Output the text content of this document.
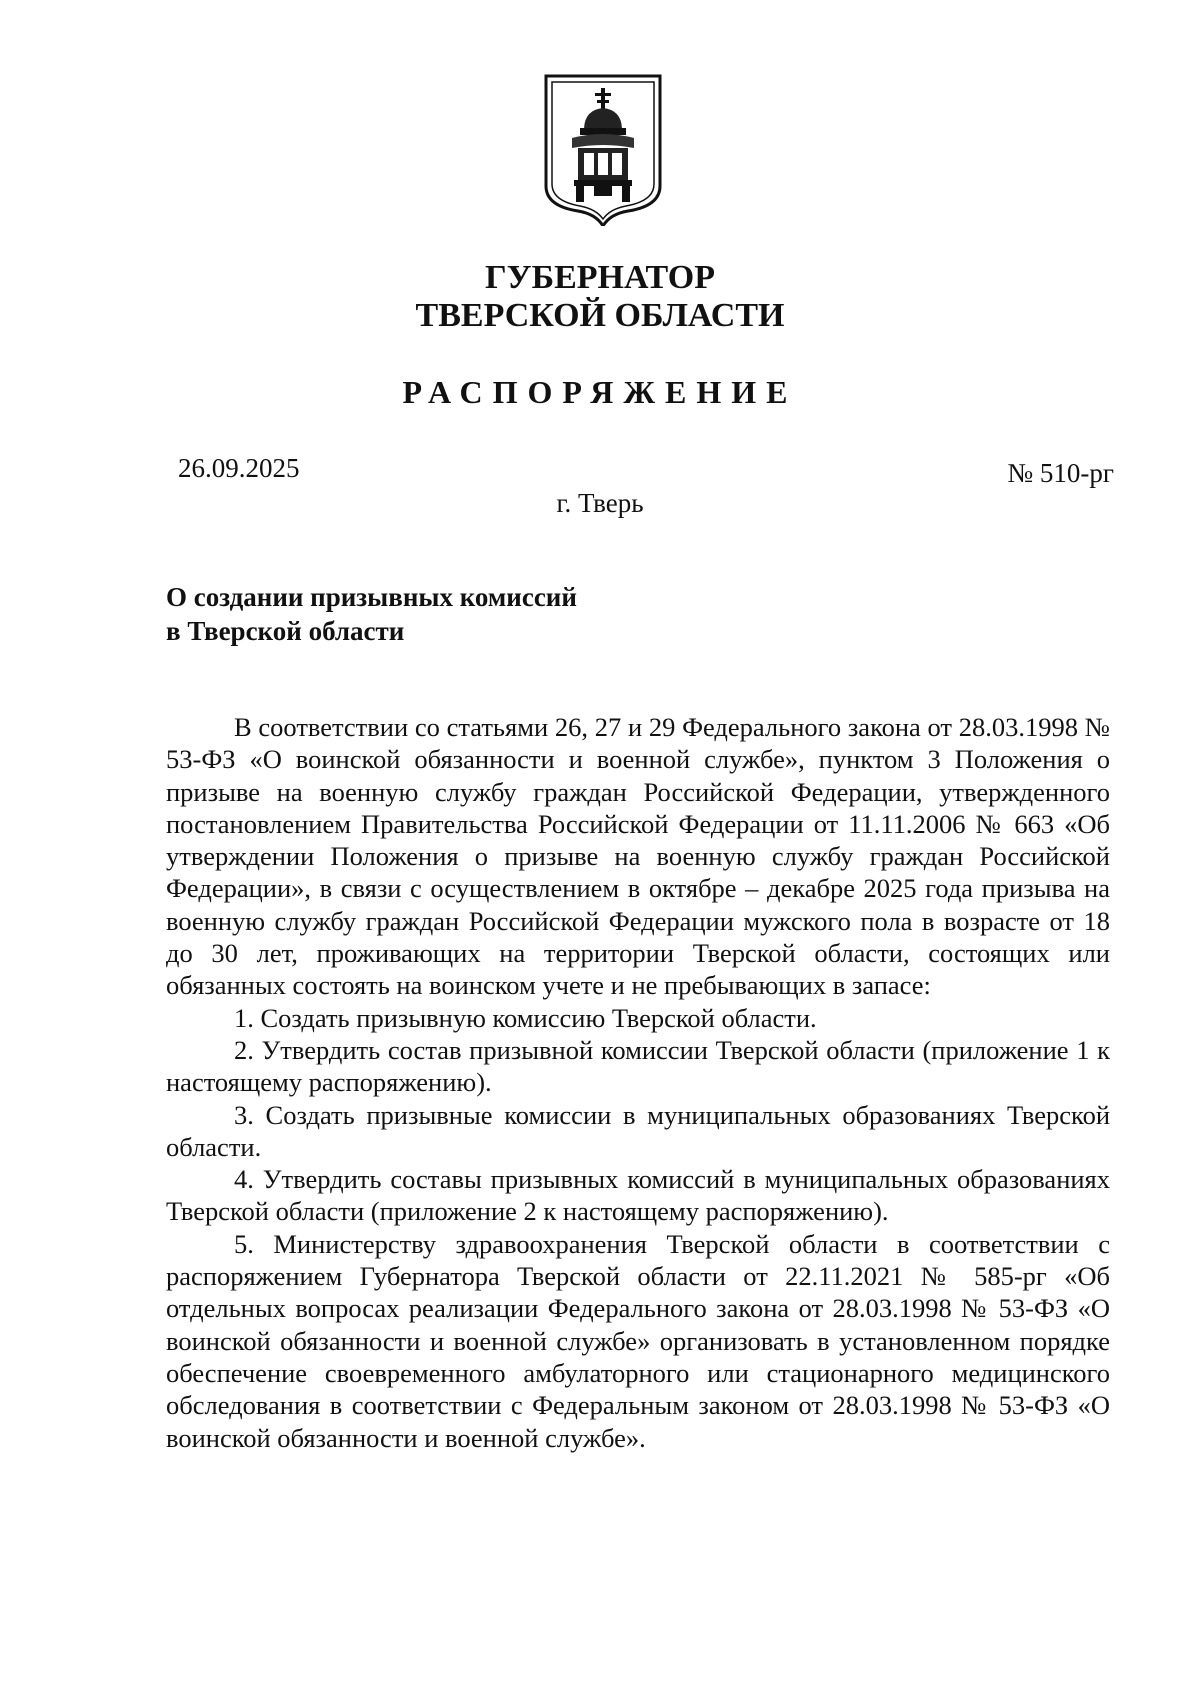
ГУБЕРНАТОР
ТВЕРСКОЙ ОБЛАСТИ
РАСПОРЯЖЕНИЕ
26.09.2025	№ 510-рг
г. Тверь
О создании призывных комиссий
в Тверской области

В соответствии со статьями 26, 27 и 29 Федерального закона от 28.03.1998 № 53-ФЗ «О воинской обязанности и военной службе», пунктом 3 Положения о призыве на военную службу граждан Российской Федерации, утвержденного постановлением Правительства Российской Федерации от 11.11.2006 № 663 «Об утверждении Положения о призыве на военную службу граждан Российской Федерации», в связи с осуществлением в октябре – декабре 2025 года призыва на военную службу граждан Российской Федерации мужского пола в возрасте от 18 до 30 лет, проживающих на территории Тверской области, состоящих или обязанных состоять на воинском учете и не пребывающих в запасе:

1. Создать призывную комиссию Тверской области.

2. Утвердить состав призывной комиссии Тверской области (приложение 1 к настоящему распоряжению).

3. Создать призывные комиссии в муниципальных образованиях Тверской области.

4. Утвердить составы призывных комиссий в муниципальных образованиях Тверской области (приложение 2 к настоящему распоряжению).

5. Министерству здравоохранения Тверской области в соответствии с распоряжением Губернатора Тверской области от 22.11.2021 № 585-рг «Об отдельных вопросах реализации Федерального закона от 28.03.1998 № 53-ФЗ «О воинской обязанности и военной службе» организовать в установленном порядке обеспечение своевременного амбулаторного или стационарного медицинского обследования в соответствии с Федеральным законом от 28.03.1998 № 53-ФЗ «О воинской обязанности и военной службе».
